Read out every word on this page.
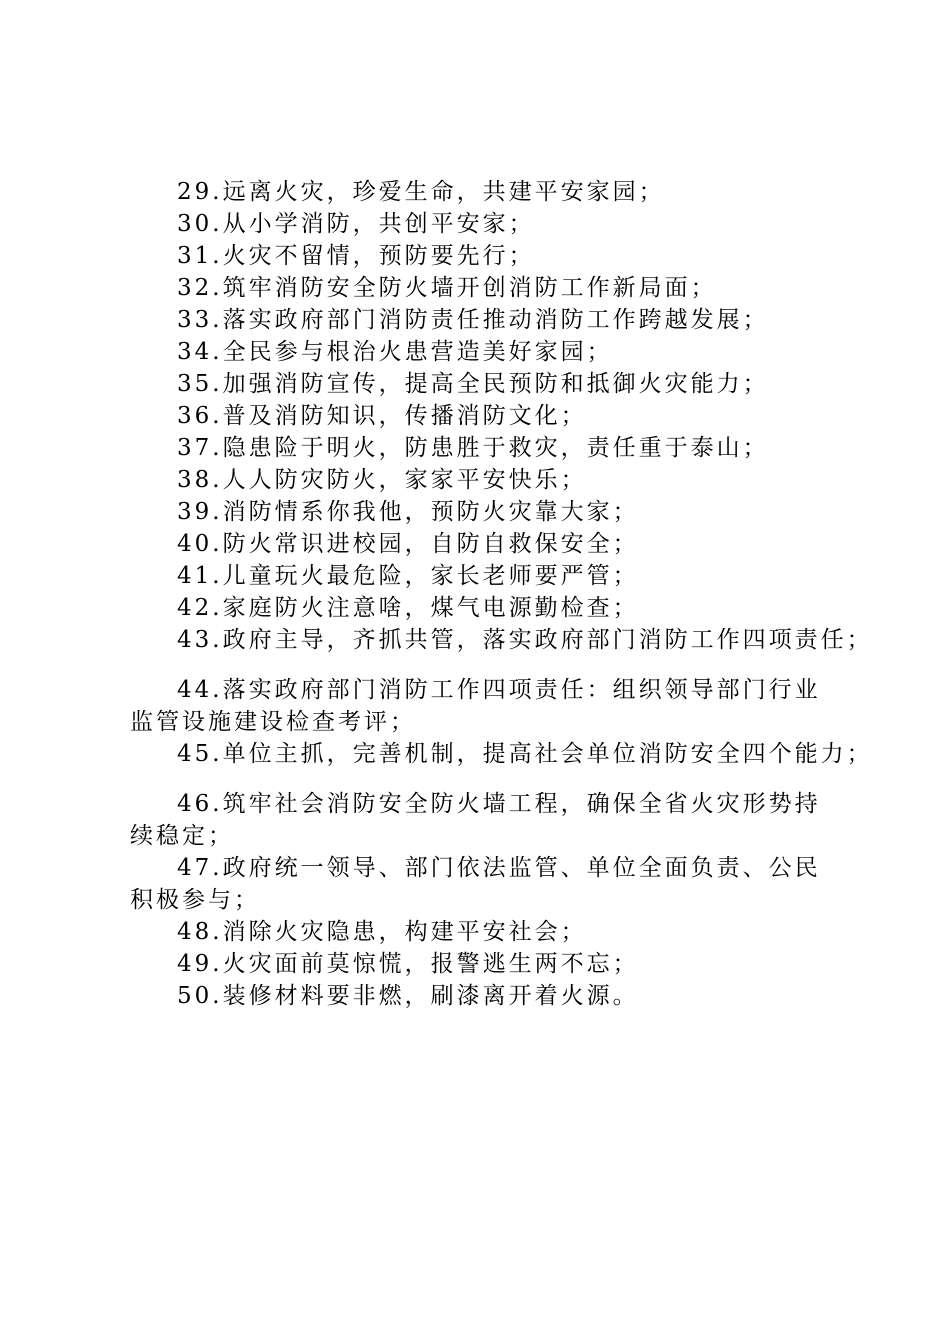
29.远离火灾，珍爱生命，共建平安家园；
30.从小学消防，共创平安家；
31.火灾不留情，预防要先行；
32.筑牢消防安全防火墙开创消防工作新局面；
33.落实政府部门消防责任推动消防工作跨越发展；
34.全民参与根治火患营造美好家园；
35.加强消防宣传，提高全民预防和抵御火灾能力；
36.普及消防知识，传播消防文化；
37.隐患险于明火，防患胜于救灾，责任重于泰山；
38.人人防灾防火，家家平安快乐；
39.消防情系你我他，预防火灾靠大家；
40.防火常识进校园，自防自救保安全；
41.儿童玩火最危险，家长老师要严管；
42.家庭防火注意啥，煤气电源勤检查；
43.政府主导，齐抓共管，落实政府部门消防工作四项责任；
44.落实政府部门消防工作四项责任：组织领导部门行业监管设施建设检查考评；
45.单位主抓，完善机制，提高社会单位消防安全四个能力；
46.筑牢社会消防安全防火墙工程，确保全省火灾形势持续稳定；
47.政府统一领导、部门依法监管、单位全面负责、公民积极参与；
48.消除火灾隐患，构建平安社会；
49.火灾面前莫惊慌，报警逃生两不忘；
50.装修材料要非燃，刷漆离开着火源。
